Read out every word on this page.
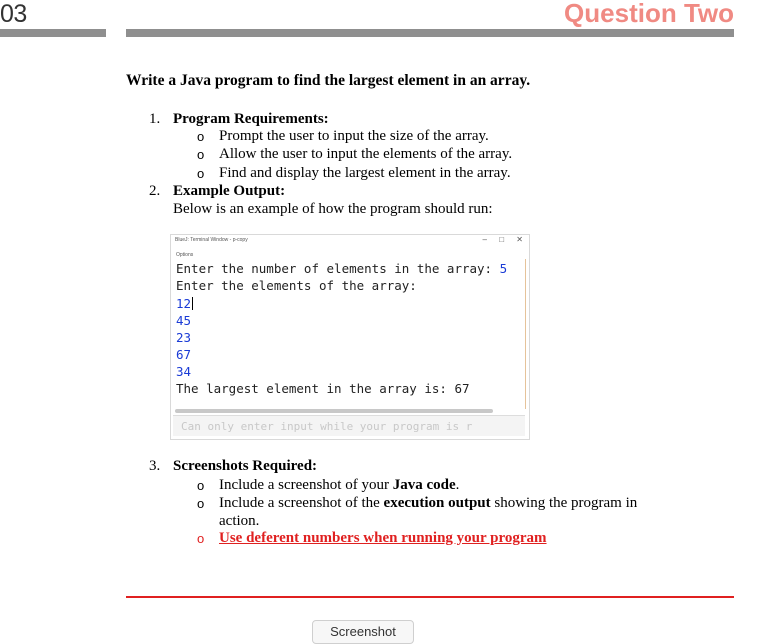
03	Question Two
Write a Java program to find the largest element in an array.
1. Program Requirements:
o Prompt the user to input the size of the array.
o Allow the user to input the elements of the array.
o Find and display the largest element in the array.
2. Example Output:
Below is an example of how the program should run:
BlueJ: Terminal Window - p-copy	– □ ✕
Options
Enter the number of elements in the array: 5
Enter the elements of the array:
12
45
23
67
34
The largest element in the array is: 67
Can only enter input while your program is r
3. Screenshots Required:
o Include a screenshot of your Java code.
o Include a screenshot of the execution output showing the program in
action.
o Use deferent numbers when running your program
Screenshot
